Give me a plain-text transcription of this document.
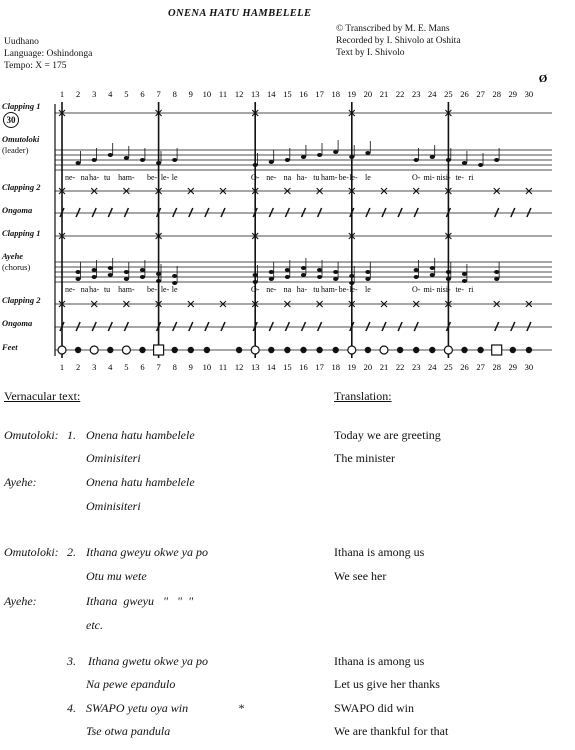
ONENA HATU HAMBELELE
Uudhano
Language: Oshindonga
Tempo: X = 175
© Transcribed by M. E. Mans
Recorded by I. Shivolo at Oshita
Text by I. Shivolo
Clapping 1
30
Omutoloki
(leader)
Clapping 2
Ongoma
Clapping 1
Ayehe
(chorus)
Clapping 2
Ongoma
Feet
1
1
2
2
3
3
4
4
5
5
6
6
7
7
8
8
9
9
10
10
11
11
12
12
13
13
14
14
15
15
16
16
17
17
18
18
19
19
20
20
21
21
22
22
23
23
24
24
25
25
26
26
27
27
28
28
29
29
30
30
Ø
ne- na ha- tu ham- be- le- le	O- ne- na ha- tu ham- be- le- le	O- mi- nisi- te- ri
ne- na ha- tu ham- be- le- le	O- ne- na ha- tu ham- be- le- le	O- mi- nisi- te- ri
Vernacular text:	Translation:
Omutoloki: 1. Onena hatu hambelele	Today we are greeting
Ominisiteri	The minister
Ayehe:	Onena hatu hambelele
Ominisiteri
Omutoloki: 2. Ithana gweyu okwe ya po	Ithana is among us
Otu mu wete	We see her
Ayehe:	Ithana  gweyu   "   "  "
etc.
3. Ithana gwetu okwe ya po	Ithana is among us
Na pewe epandulo	Let us give her thanks
4. SWAPO yetu oya win	*	SWAPO did win
Tse otwa pandula	We are thankful for that
